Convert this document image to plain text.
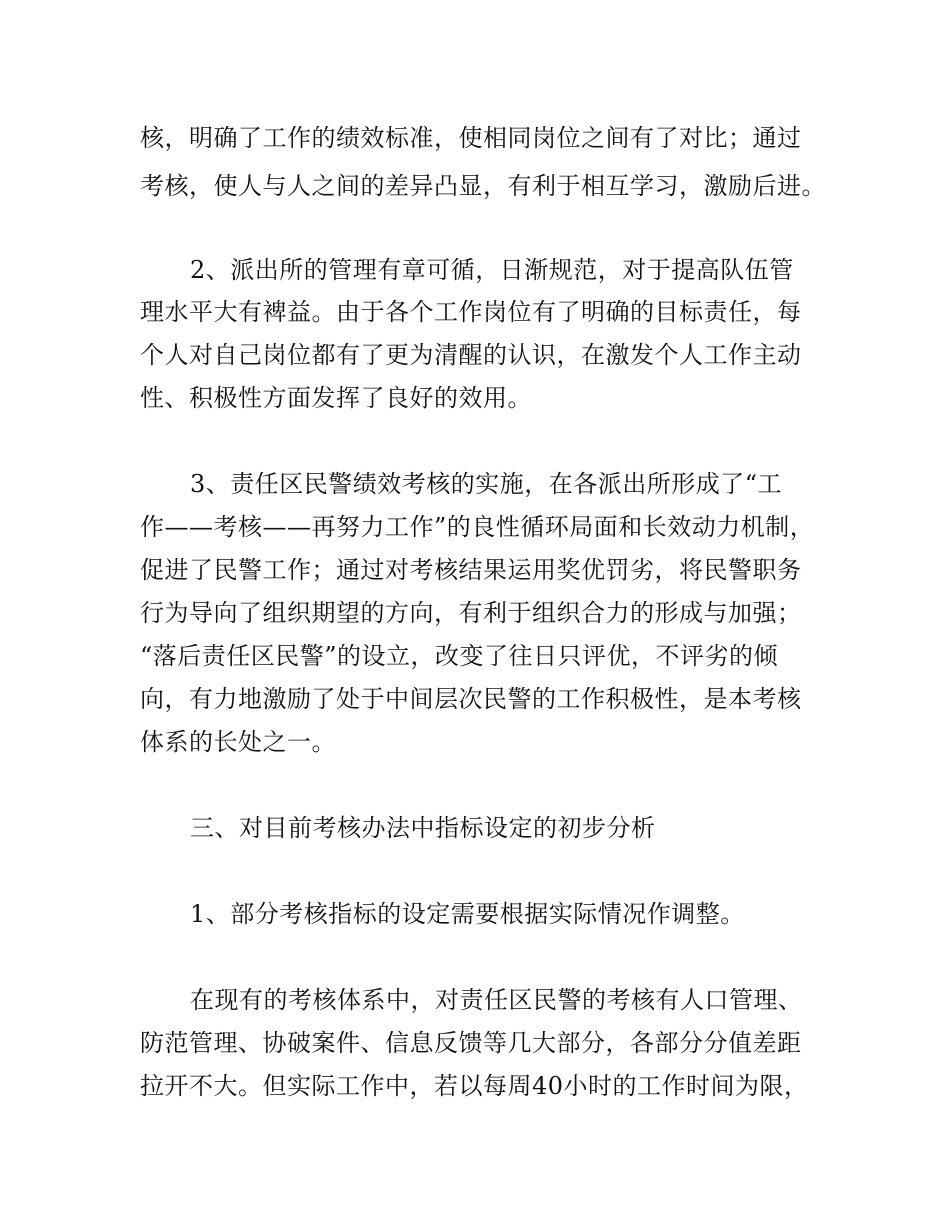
核，明确了工作的绩效标准，使相同岗位之间有了对比；通过
考核，使人与人之间的差异凸显，有利于相互学习，激励后进。
2、派出所的管理有章可循，日渐规范，对于提高队伍管
理水平大有裨益。由于各个工作岗位有了明确的目标责任，每
个人对自己岗位都有了更为清醒的认识，在激发个人工作主动
性、积极性方面发挥了良好的效用。
3、责任区民警绩效考核的实施，在各派出所形成了“工
作——考核——再努力工作”的良性循环局面和长效动力机制，
促进了民警工作；通过对考核结果运用奖优罚劣，将民警职务
行为导向了组织期望的方向，有利于组织合力的形成与加强；
“落后责任区民警”的设立，改变了往日只评优，不评劣的倾
向，有力地激励了处于中间层次民警的工作积极性，是本考核
体系的长处之一。
三、对目前考核办法中指标设定的初步分析
1、部分考核指标的设定需要根据实际情况作调整。
在现有的考核体系中，对责任区民警的考核有人口管理、
防范管理、协破案件、信息反馈等几大部分，各部分分值差距
拉开不大。但实际工作中，若以每周40小时的工作时间为限，
